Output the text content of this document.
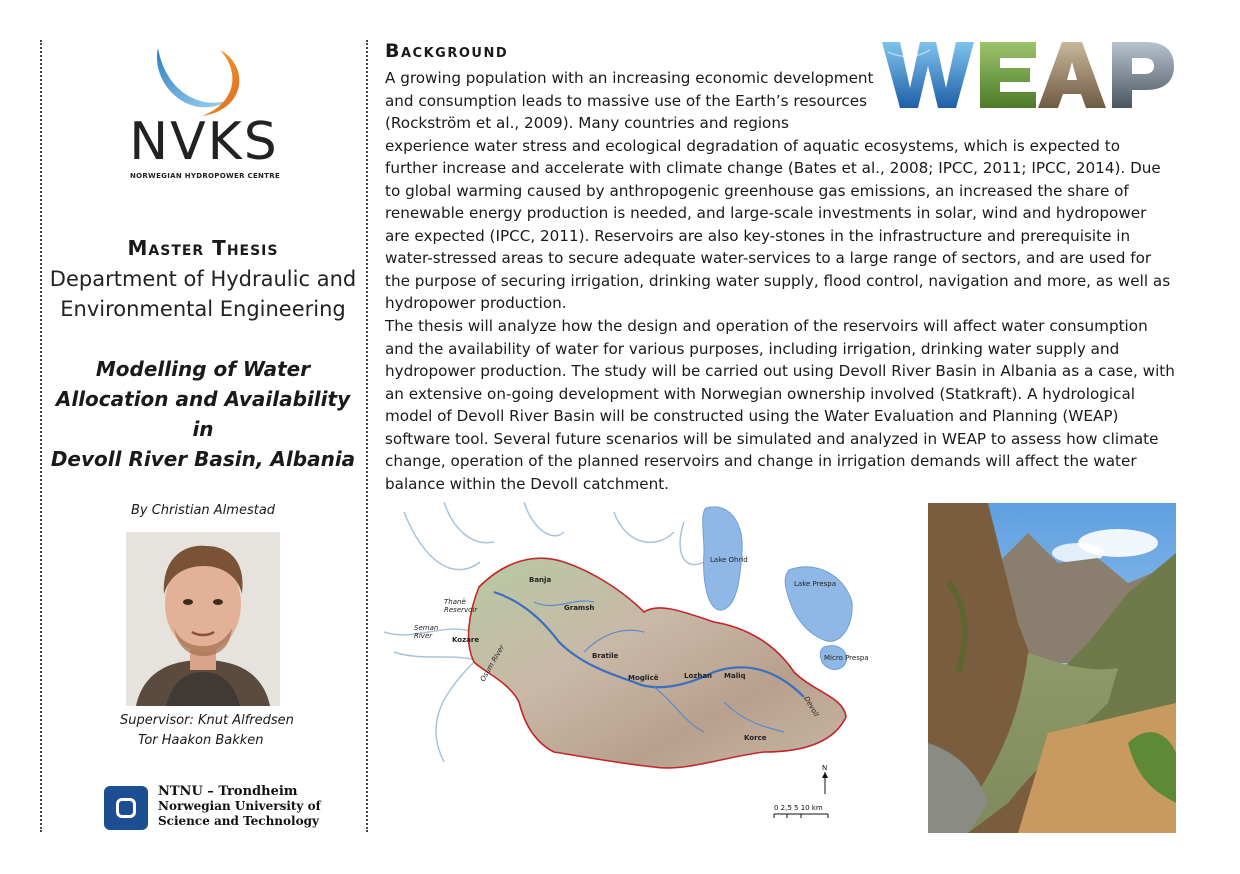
NVKS
NORWEGIAN HYDROPOWER CENTRE
Master Thesis
Department of Hydraulic and
Environmental Engineering
Modelling of Water
Allocation and Availability in
Devoll River Basin, Albania
By Christian Almestad
Supervisor: Knut Alfredsen
Tor Haakon Bakken
NTNU – Trondheim
Norwegian University of
Science and Technology
Background
A growing population with an increasing economic development and consumption leads to massive use of the Earth’s resources (Rockström et al., 2009). Many countries and regions experience water stress and ecological degradation of aquatic ecosystems, which is expected to further increase and accelerate with climate change (Bates et al., 2008; IPCC, 2011; IPCC, 2014). Due to global warming caused by anthropogenic greenhouse gas emissions, an increased the share of renewable energy production is needed, and large-scale investments in solar, wind and hydropower are expected (IPCC, 2011). Reservoirs are also key-stones in the infrastructure and prerequisite in water-stressed areas to secure adequate water-services to a large range of sectors, and are used for the purpose of securing irrigation, drinking water supply, flood control, navigation and more, as well as hydropower production.
The thesis will analyze how the design and operation of the reservoirs will affect water consumption and the availability of water for various purposes, including irrigation, drinking water supply and hydropower production. The study will be carried out using Devoll River Basin in Albania as a case, with an extensive on-going development with Norwegian ownership involved (Statkraft). A hydrological model of Devoll River Basin will be constructed using the Water Evaluation and Planning (WEAP) software tool. Several future scenarios will be simulated and analyzed in WEAP to assess how climate change, operation of the planned reservoirs and change in irrigation demands will affect the water balance within the Devoll catchment.
Lake Ohrid
Lake Prespa
Micro Prespa
Banja
Gramsh
Bratile
Moglicë	Lozhan Maliq
Korce
Kozare
Thanë
Reservoir
Seman
River
Osum River
Devoll
N
0 2,5 5 10 km
